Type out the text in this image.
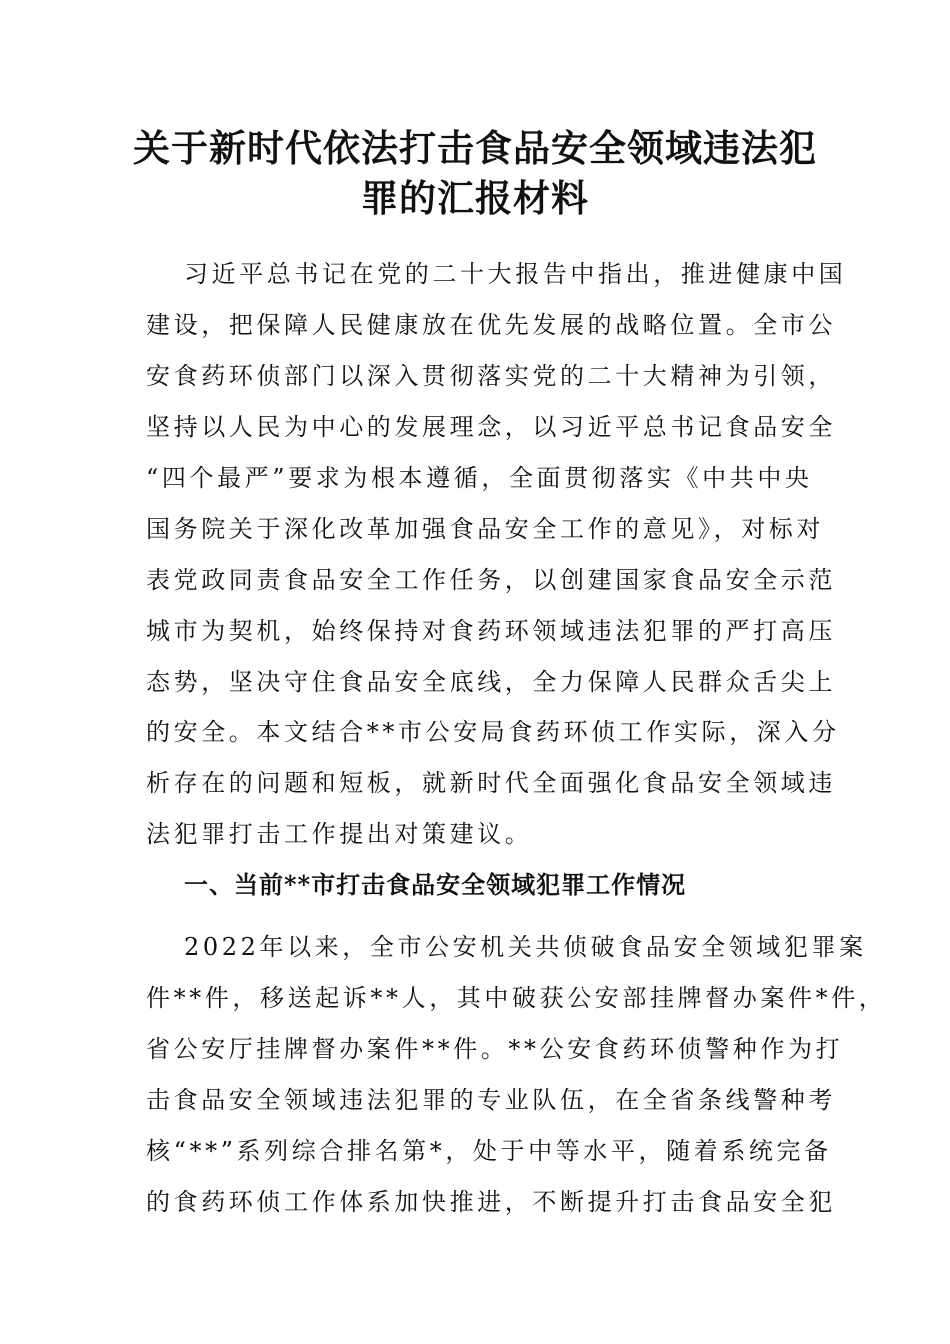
关于新时代依法打击食品安全领域违法犯
罪的汇报材料
习近平总书记在党的二十大报告中指出，推进健康中国
建设，把保障人民健康放在优先发展的战略位置。全市公
安食药环侦部门以深入贯彻落实党的二十大精神为引领，
坚持以人民为中心的发展理念，以习近平总书记食品安全
“四个最严”要求为根本遵循，全面贯彻落实《中共中央
国务院关于深化改革加强食品安全工作的意见》，对标对
表党政同责食品安全工作任务，以创建国家食品安全示范
城市为契机，始终保持对食药环领域违法犯罪的严打高压
态势，坚决守住食品安全底线，全力保障人民群众舌尖上
的安全。本文结合**市公安局食药环侦工作实际，深入分
析存在的问题和短板，就新时代全面强化食品安全领域违
法犯罪打击工作提出对策建议。
一、当前**市打击食品安全领域犯罪工作情况
2022年以来，全市公安机关共侦破食品安全领域犯罪案
件**件，移送起诉**人，其中破获公安部挂牌督办案件*件，
省公安厅挂牌督办案件**件。**公安食药环侦警种作为打
击食品安全领域违法犯罪的专业队伍，在全省条线警种考
核“**”系列综合排名第*，处于中等水平，随着系统完备
的食药环侦工作体系加快推进，不断提升打击食品安全犯
